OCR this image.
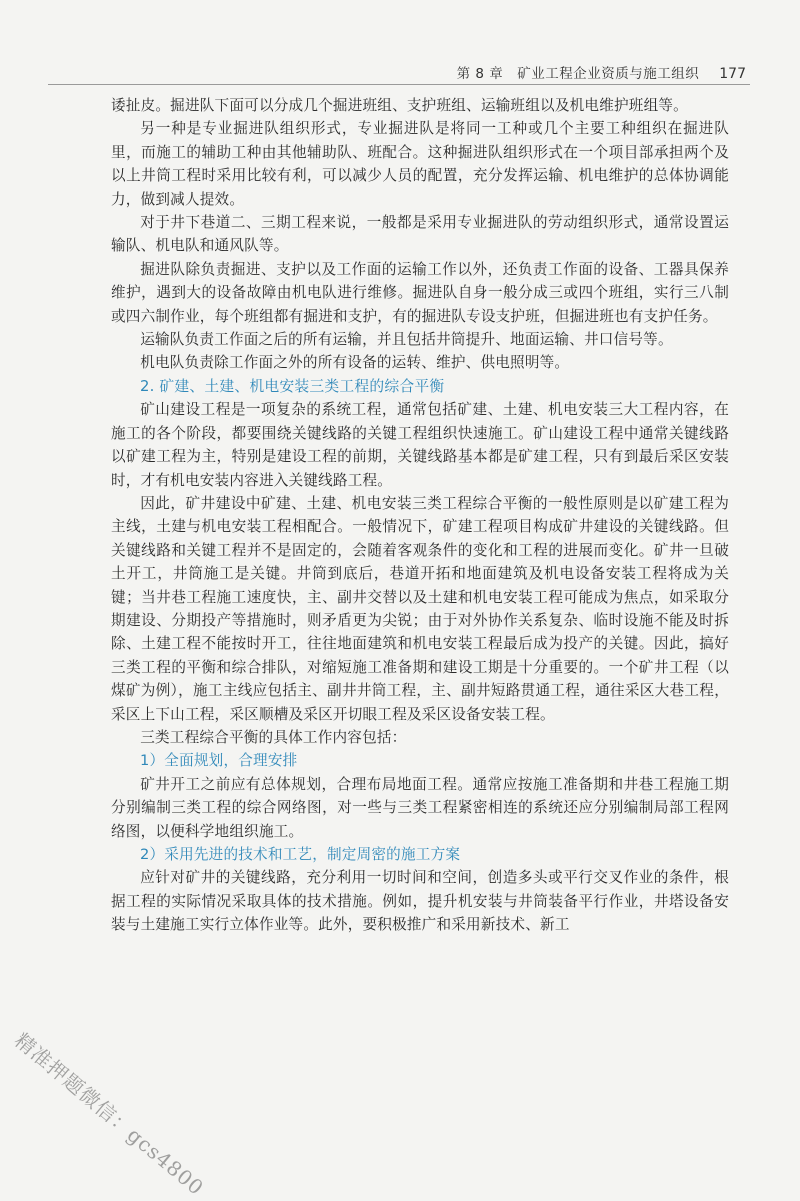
第 8 章　矿业工程企业资质与施工组织 177

诿扯皮。掘进队下面可以分成几个掘进班组、支护班组、运输班组以及机电维护班组等。

另一种是专业掘进队组织形式，专业掘进队是将同一工种或几个主要工种组织在掘进队里，而施工的辅助工种由其他辅助队、班配合。这种掘进队组织形式在一个项目部承担两个及以上井筒工程时采用比较有利，可以减少人员的配置，充分发挥运输、机电维护的总体协调能力，做到减人提效。

对于井下巷道二、三期工程来说，一般都是采用专业掘进队的劳动组织形式，通常设置运输队、机电队和通风队等。

掘进队除负责掘进、支护以及工作面的运输工作以外，还负责工作面的设备、工器具保养维护，遇到大的设备故障由机电队进行维修。掘进队自身一般分成三或四个班组，实行三八制或四六制作业，每个班组都有掘进和支护，有的掘进队专设支护班，但掘进班也有支护任务。

运输队负责工作面之后的所有运输，并且包括井筒提升、地面运输、井口信号等。

机电队负责除工作面之外的所有设备的运转、维护、供电照明等。

2. 矿建、土建、机电安装三类工程的综合平衡

矿山建设工程是一项复杂的系统工程，通常包括矿建、土建、机电安装三大工程内容，在施工的各个阶段，都要围绕关键线路的关键工程组织快速施工。矿山建设工程中通常关键线路以矿建工程为主，特别是建设工程的前期，关键线路基本都是矿建工程，只有到最后采区安装时，才有机电安装内容进入关键线路工程。

因此，矿井建设中矿建、土建、机电安装三类工程综合平衡的一般性原则是以矿建工程为主线，土建与机电安装工程相配合。一般情况下，矿建工程项目构成矿井建设的关键线路。但关键线路和关键工程并不是固定的，会随着客观条件的变化和工程的进展而变化。矿井一旦破土开工，井筒施工是关键。井筒到底后，巷道开拓和地面建筑及机电设备安装工程将成为关键；当井巷工程施工速度快，主、副井交替以及土建和机电安装工程可能成为焦点，如采取分期建设、分期投产等措施时，则矛盾更为尖锐；由于对外协作关系复杂、临时设施不能及时拆除、土建工程不能按时开工，往往地面建筑和机电安装工程最后成为投产的关键。因此，搞好三类工程的平衡和综合排队，对缩短施工准备期和建设工期是十分重要的。一个矿井工程（以煤矿为例），施工主线应包括主、副井井筒工程，主、副井短路贯通工程，通往采区大巷工程，采区上下山工程，采区顺槽及采区开切眼工程及采区设备安装工程。

三类工程综合平衡的具体工作内容包括：

1）全面规划，合理安排

矿井开工之前应有总体规划，合理布局地面工程。通常应按施工准备期和井巷工程施工期分别编制三类工程的综合网络图，对一些与三类工程紧密相连的系统还应分别编制局部工程网络图，以便科学地组织施工。

2）采用先进的技术和工艺，制定周密的施工方案

应针对矿井的关键线路，充分利用一切时间和空间，创造多头或平行交叉作业的条件，根据工程的实际情况采取具体的技术措施。例如，提升机安装与井筒装备平行作业，井塔设备安装与土建施工实行立体作业等。此外，要积极推广和采用新技术、新工

精准押题微信：gcs4800
